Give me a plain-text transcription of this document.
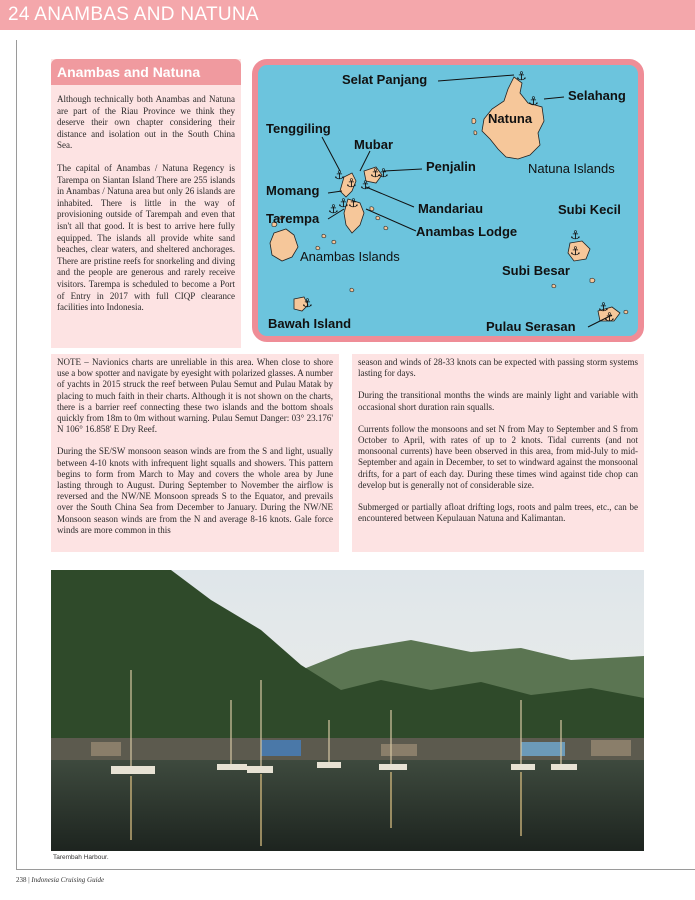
24 ANAMBAS AND NATUNA
Anambas and Natuna

Although technically both Anambas and Natuna are part of the Riau Province we think they deserve their own chapter considering their distance and isolation out in the South China Sea.

The capital of Anambas / Natuna Regency is Tarempa on Siantan Island There are 255 islands in Anambas / Natuna area but only 26 islands are inhabited. There is little in the way of provisioning outside of Tarempah and even that isn't all that good. It is best to arrive here fully equipped. The islands all provide white sand beaches, clear waters, and sheltered anchorages. There are pristine reefs for snorkeling and diving and the people are generous and rarely receive visitors. Tarempa is scheduled to become a Port of Entry in 2017 with full CIQP clearance facilities into Indonesia.

⚓
⚓
⚓
⚓
⚓
⚓
⚓
⚓ ⚓ ⚓
⚓
⚓
⚓
⚓
⚓
Selat Panjang
Selahang
Natuna
Tenggiling
Mubar
Penjalin	Natuna Islands
Momang
Mandariau	Subi Kecil
Tarempa
Anambas Lodge
Anambas Islands
Subi Besar
Bawah Island	Pulau Serasan

NOTE – Navionics charts are unreliable in this area. When close to shore use a bow spotter and navigate by eyesight with polarized glasses. A number of yachts in 2015 struck the reef between Pulau Semut and Pulau Matak by placing to much faith in their charts. Although it is not shown on the charts, there is a barrier reef connecting these two islands and the bottom shoals quickly from 18m to 0m without warning. Pulau Semut Danger: 03° 23.176' N 106° 16.858' E Dry Reef.

During the SE/SW monsoon season winds are from the S and light, usually between 4-10 knots with infrequent light squalls and showers. This pattern begins to form from March to May and covers the whole area by June lasting through to August. During September to November the airflow is reversed and the NW/NE Monsoon spreads S to the Equator, and prevails over the South China Sea from December to January. During the NW/NE Monsoon season winds are from the N and average 8-16 knots. Gale force winds are more common in this

season and winds of 28-33 knots can be expected with passing storm systems lasting for days.

During the transitional months the winds are mainly light and variable with occasional short duration rain squalls.

Currents follow the monsoons and set N from May to September and S from October to April, with rates of up to 2 knots. Tidal currents (and not monsoonal currents) have been observed in this area, from mid-July to mid-September and again in December, to set to windward against the monsoonal drifts, for a part of each day. During these times wind against tide chop can develop but is generally not of considerable size.

Submerged or partially afloat drifting logs, roots and palm trees, etc., can be encountered between Kepulauan Natuna and Kalimantan.

Tarembah Harbour.
238 | Indonesia Cruising Guide
